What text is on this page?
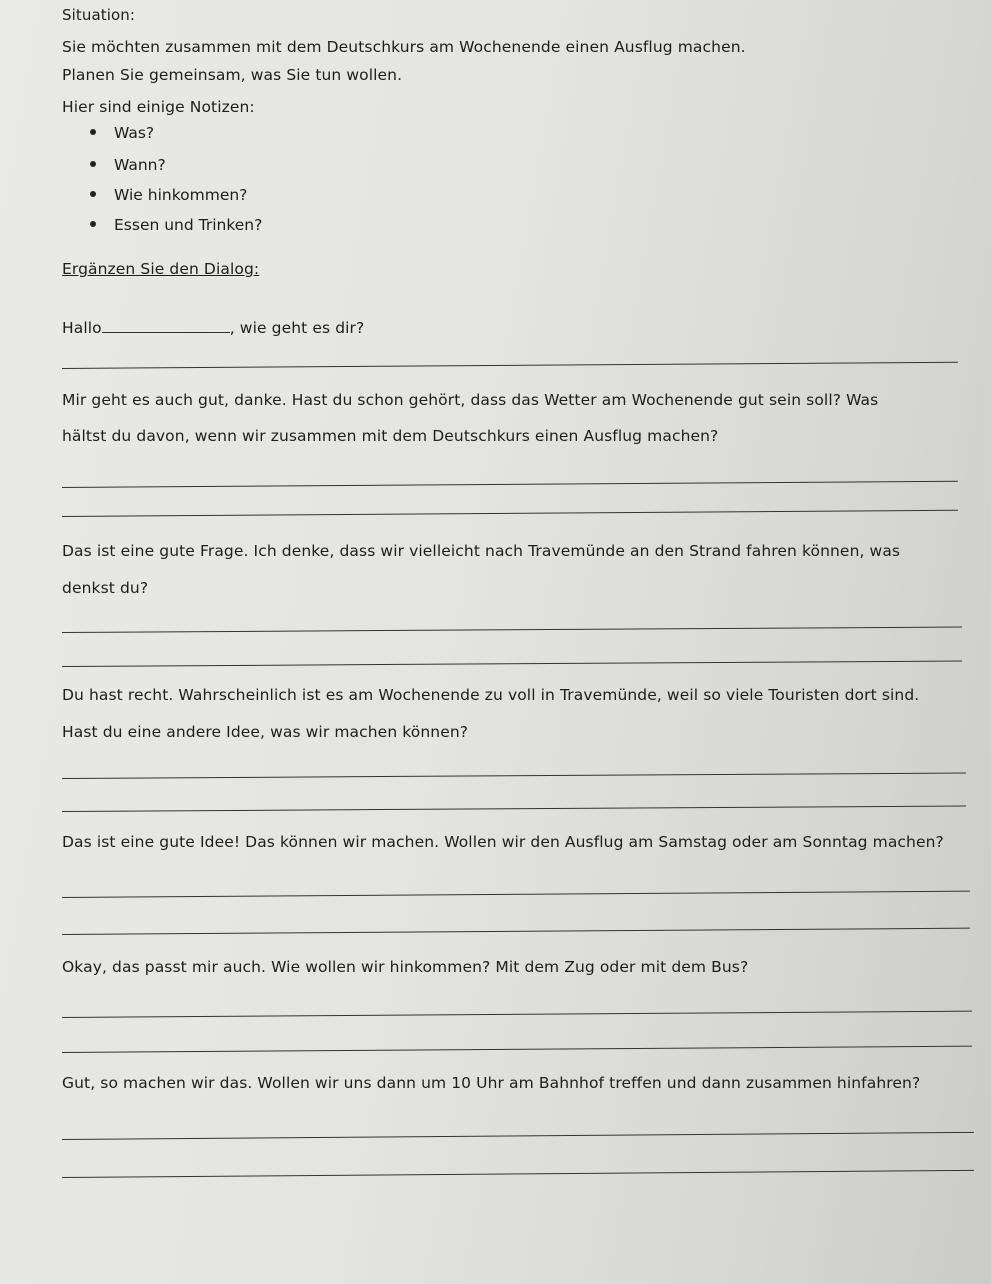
Situation:
Sie möchten zusammen mit dem Deutschkurs am Wochenende einen Ausflug machen.
Planen Sie gemeinsam, was Sie tun wollen.
Hier sind einige Notizen:
Was?
Wann?
Wie hinkommen?
Essen und Trinken?
Ergänzen Sie den Dialog:
Hallo	, wie geht es dir?
Mir geht es auch gut, danke. Hast du schon gehört, dass das Wetter am Wochenende gut sein soll? Was
hältst du davon, wenn wir zusammen mit dem Deutschkurs einen Ausflug machen?
Das ist eine gute Frage. Ich denke, dass wir vielleicht nach Travemünde an den Strand fahren können, was
denkst du?
Du hast recht. Wahrscheinlich ist es am Wochenende zu voll in Travemünde, weil so viele Touristen dort sind.
Hast du eine andere Idee, was wir machen können?
Das ist eine gute Idee! Das können wir machen. Wollen wir den Ausflug am Samstag oder am Sonntag machen?
Okay, das passt mir auch. Wie wollen wir hinkommen? Mit dem Zug oder mit dem Bus?
Gut, so machen wir das. Wollen wir uns dann um 10 Uhr am Bahnhof treffen und dann zusammen hinfahren?
